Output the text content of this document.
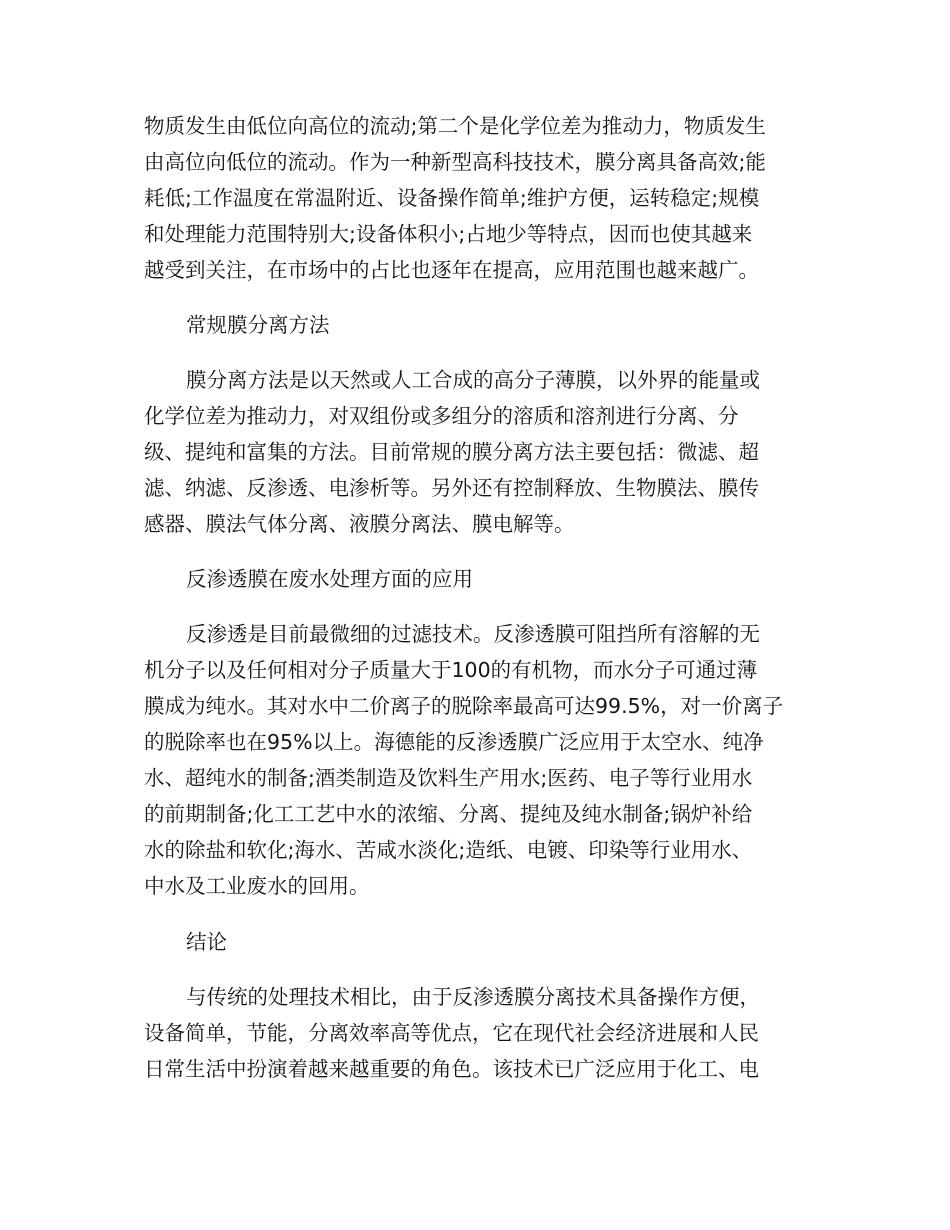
物质发生由低位向高位的流动;第二个是化学位差为推动力，物质发生
由高位向低位的流动。作为一种新型高科技技术，膜分离具备高效;能
耗低;工作温度在常温附近、设备操作简单;维护方便，运转稳定;规模
和处理能力范围特别大;设备体积小;占地少等特点，因而也使其越来
越受到关注，在市场中的占比也逐年在提高，应用范围也越来越广。
常规膜分离方法
膜分离方法是以天然或人工合成的高分子薄膜，以外界的能量或
化学位差为推动力，对双组份或多组分的溶质和溶剂进行分离、分
级、提纯和富集的方法。目前常规的膜分离方法主要包括：微滤、超
滤、纳滤、反渗透、电渗析等。另外还有控制释放、生物膜法、膜传
感器、膜法气体分离、液膜分离法、膜电解等。
反渗透膜在废水处理方面的应用
反渗透是目前最微细的过滤技术。反渗透膜可阻挡所有溶解的无
机分子以及任何相对分子质量大于100的有机物，而水分子可通过薄
膜成为纯水。其对水中二价离子的脱除率最高可达99.5%，对一价离子
的脱除率也在95%以上。海德能的反渗透膜广泛应用于太空水、纯净
水、超纯水的制备;酒类制造及饮料生产用水;医药、电子等行业用水
的前期制备;化工工艺中水的浓缩、分离、提纯及纯水制备;锅炉补给
水的除盐和软化;海水、苦咸水淡化;造纸、电镀、印染等行业用水、
中水及工业废水的回用。
结论
与传统的处理技术相比，由于反渗透膜分离技术具备操作方便，
设备简单，节能，分离效率高等优点，它在现代社会经济进展和人民
日常生活中扮演着越来越重要的角色。该技术已广泛应用于化工、电
